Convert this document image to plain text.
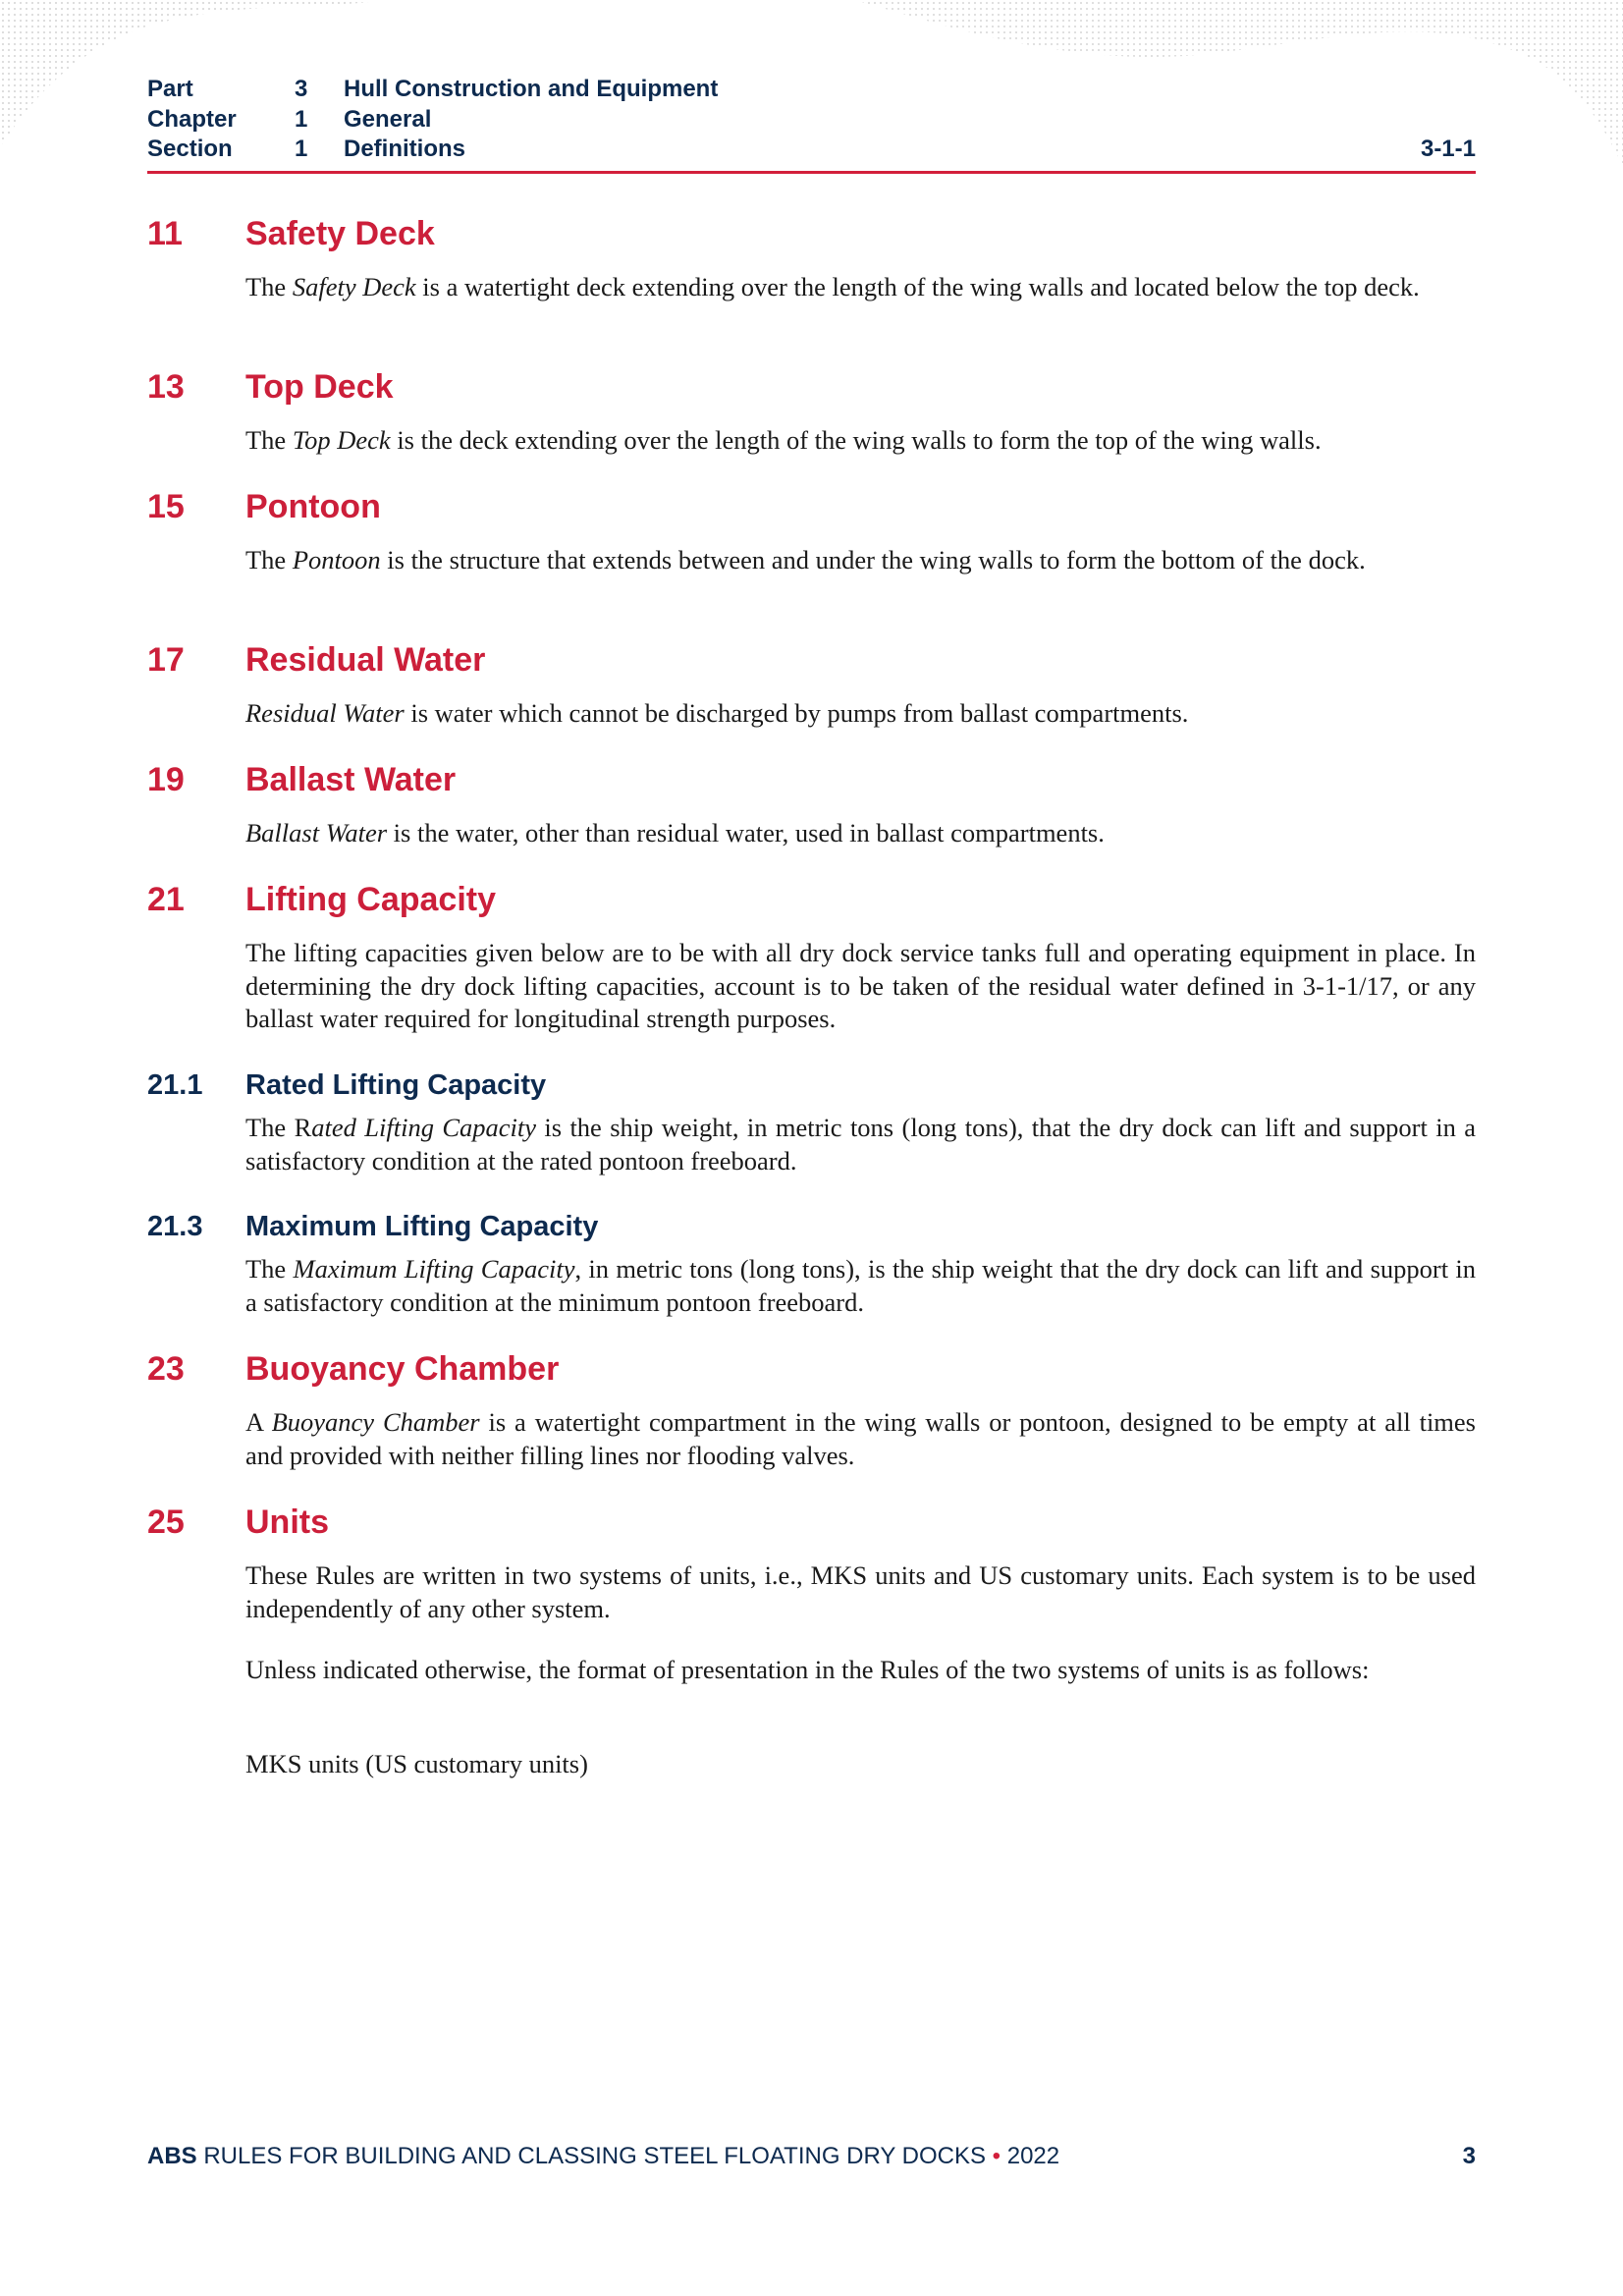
Part	3	Hull Construction and Equipment
Chapter	1	General
Section	1	Definitions	3-1-1
11 Safety Deck
The Safety Deck is a watertight deck extending over the length of the wing walls and located below the top deck.
13 Top Deck
The Top Deck is the deck extending over the length of the wing walls to form the top of the wing walls.
15 Pontoon
The Pontoon is the structure that extends between and under the wing walls to form the bottom of the dock.
17 Residual Water
Residual Water is water which cannot be discharged by pumps from ballast compartments.
19 Ballast Water
Ballast Water is the water, other than residual water, used in ballast compartments.
21 Lifting Capacity
The lifting capacities given below are to be with all dry dock service tanks full and operating equipment in place. In determining the dry dock lifting capacities, account is to be taken of the residual water defined in 3-1-1/17, or any ballast water required for longitudinal strength purposes.
21.1 Rated Lifting Capacity
The Rated Lifting Capacity is the ship weight, in metric tons (long tons), that the dry dock can lift and support in a satisfactory condition at the rated pontoon freeboard.
21.3 Maximum Lifting Capacity
The Maximum Lifting Capacity, in metric tons (long tons), is the ship weight that the dry dock can lift and support in a satisfactory condition at the minimum pontoon freeboard.
23 Buoyancy Chamber
A Buoyancy Chamber is a watertight compartment in the wing walls or pontoon, designed to be empty at all times and provided with neither filling lines nor flooding valves.
25 Units
These Rules are written in two systems of units, i.e., MKS units and US customary units. Each system is to be used independently of any other system.
Unless indicated otherwise, the format of presentation in the Rules of the two systems of units is as follows:
MKS units (US customary units)
ABS RULES FOR BUILDING AND CLASSING STEEL FLOATING DRY DOCKS • 2022	3
